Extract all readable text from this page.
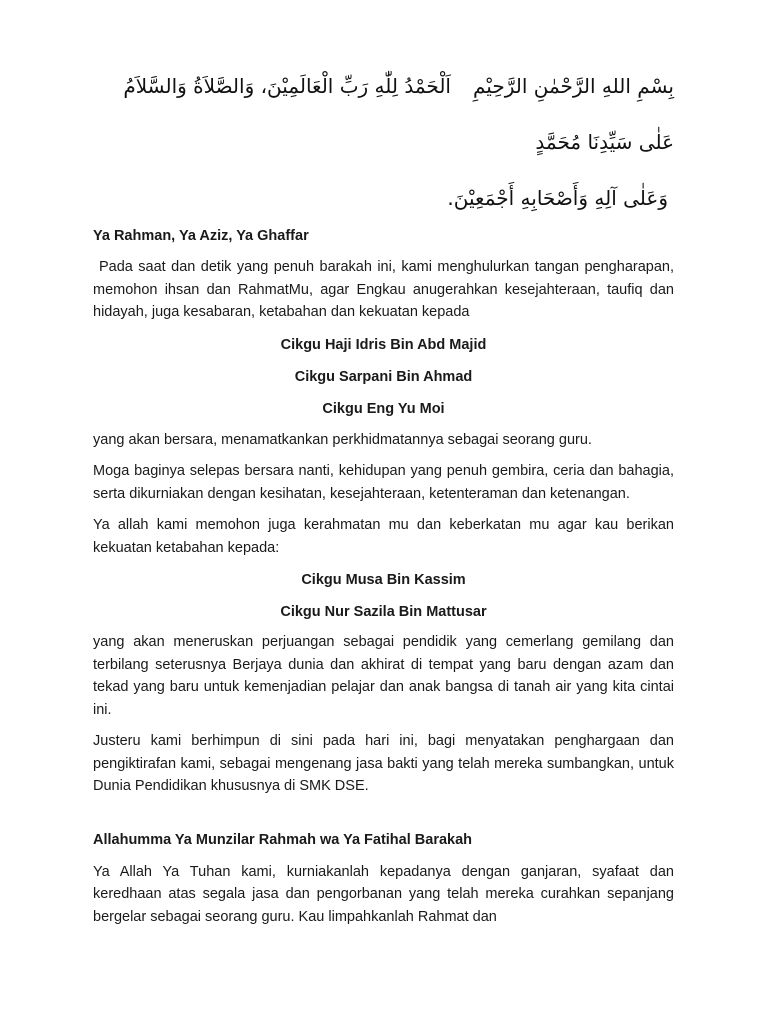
بِسْمِ اللهِ الرَّحْمٰنِ الرَّحِيْمِاَلْحَمْدُ لِلّٰهِ رَبِّ الْعَالَمِيْنَ، وَالصَّلاَةُ وَالسَّلاَمُ عَلٰى سَيِّدِنَا مُحَمَّدٍ

وَعَلٰى آلِهِ وَأَصْحَابِهِ أَجْمَعِيْنَ.

Ya Rahman, Ya Aziz, Ya Ghaffar

Pada saat dan detik yang penuh barakah ini, kami menghulurkan tangan pengharapan, memohon ihsan dan RahmatMu, agar Engkau anugerahkan kesejahteraan, taufiq dan hidayah, juga kesabaran, ketabahan dan kekuatan kepada

Cikgu Haji Idris Bin Abd Majid

Cikgu Sarpani Bin Ahmad

Cikgu Eng Yu Moi

yang akan bersara, menamatkankan perkhidmatannya sebagai seorang guru.

Moga baginya selepas bersara nanti, kehidupan yang penuh gembira, ceria dan bahagia, serta dikurniakan dengan kesihatan, kesejahteraan, ketenteraman dan ketenangan.

Ya allah kami memohon juga kerahmatan mu dan keberkatan mu agar kau berikan kekuatan ketabahan kepada:

Cikgu Musa Bin Kassim

Cikgu Nur Sazila Bin Mattusar

yang akan meneruskan perjuangan sebagai pendidik yang cemerlang gemilang dan terbilang seterusnya Berjaya dunia dan akhirat di tempat yang baru dengan azam dan tekad yang baru untuk kemenjadian pelajar dan anak bangsa di tanah air yang kita cintai ini.

Justeru kami berhimpun di sini pada hari ini, bagi menyatakan penghargaan dan pengiktirafan kami, sebagai mengenang jasa bakti yang telah mereka sumbangkan, untuk Dunia Pendidikan khususnya di SMK DSE.

Allahumma Ya Munzilar Rahmah wa Ya Fatihal Barakah

Ya Allah Ya Tuhan kami, kurniakanlah kepadanya dengan ganjaran, syafaat dan keredhaan atas segala jasa dan pengorbanan yang telah mereka curahkan sepanjang bergelar sebagai seorang guru. Kau limpahkanlah Rahmat dan
